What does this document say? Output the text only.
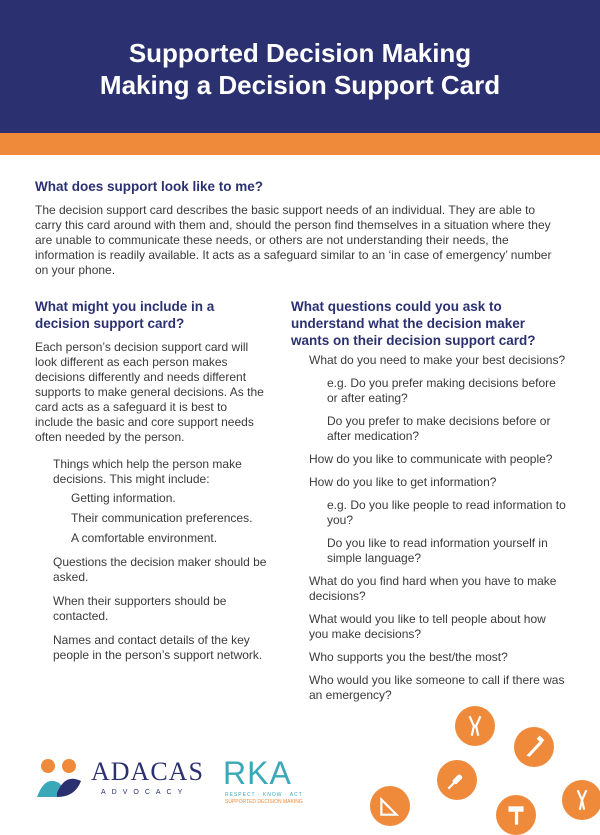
Supported Decision Making
Making a Decision Support Card
What does support look like to me?

The decision support card describes the basic support needs of an individual. They are able to carry this card around with them and, should the person find themselves in a situation where they are unable to communicate these needs, or others are not understanding their needs, the information is readily available. It acts as a safeguard similar to an ‘in case of emergency’ number on your phone.

What might you include in a decision support card?

Each person’s decision support card will look different as each person makes decisions differently and needs different supports to make general decisions. As the card acts as a safeguard it is best to include the basic and core support needs often needed by the person.

Things which help the person make decisions. This might include:

Getting information.

Their communication preferences.

A comfortable environment.

Questions the decision maker should be asked.

When their supporters should be contacted.

Names and contact details of the key people in the person’s support network.

What questions could you ask to understand what the decision maker wants on their decision support card?

What do you need to make your best decisions?

e.g. Do you prefer making decisions before or after eating?

Do you prefer to make decisions before or after medication?

How do you like to communicate with people?

How do you like to get information?

e.g. Do you like people to read information to you?

Do you like to read information yourself in simple language?

What do you find hard when you have to make decisions?

What would you like to tell people about how you make decisions?

Who supports you the best/the most?

Who would you like someone to call if there was an emergency?

ADACAS
ADVOCACY
RKA
RESPECT · KNOW · ACT
SUPPORTED DECISION MAKING
